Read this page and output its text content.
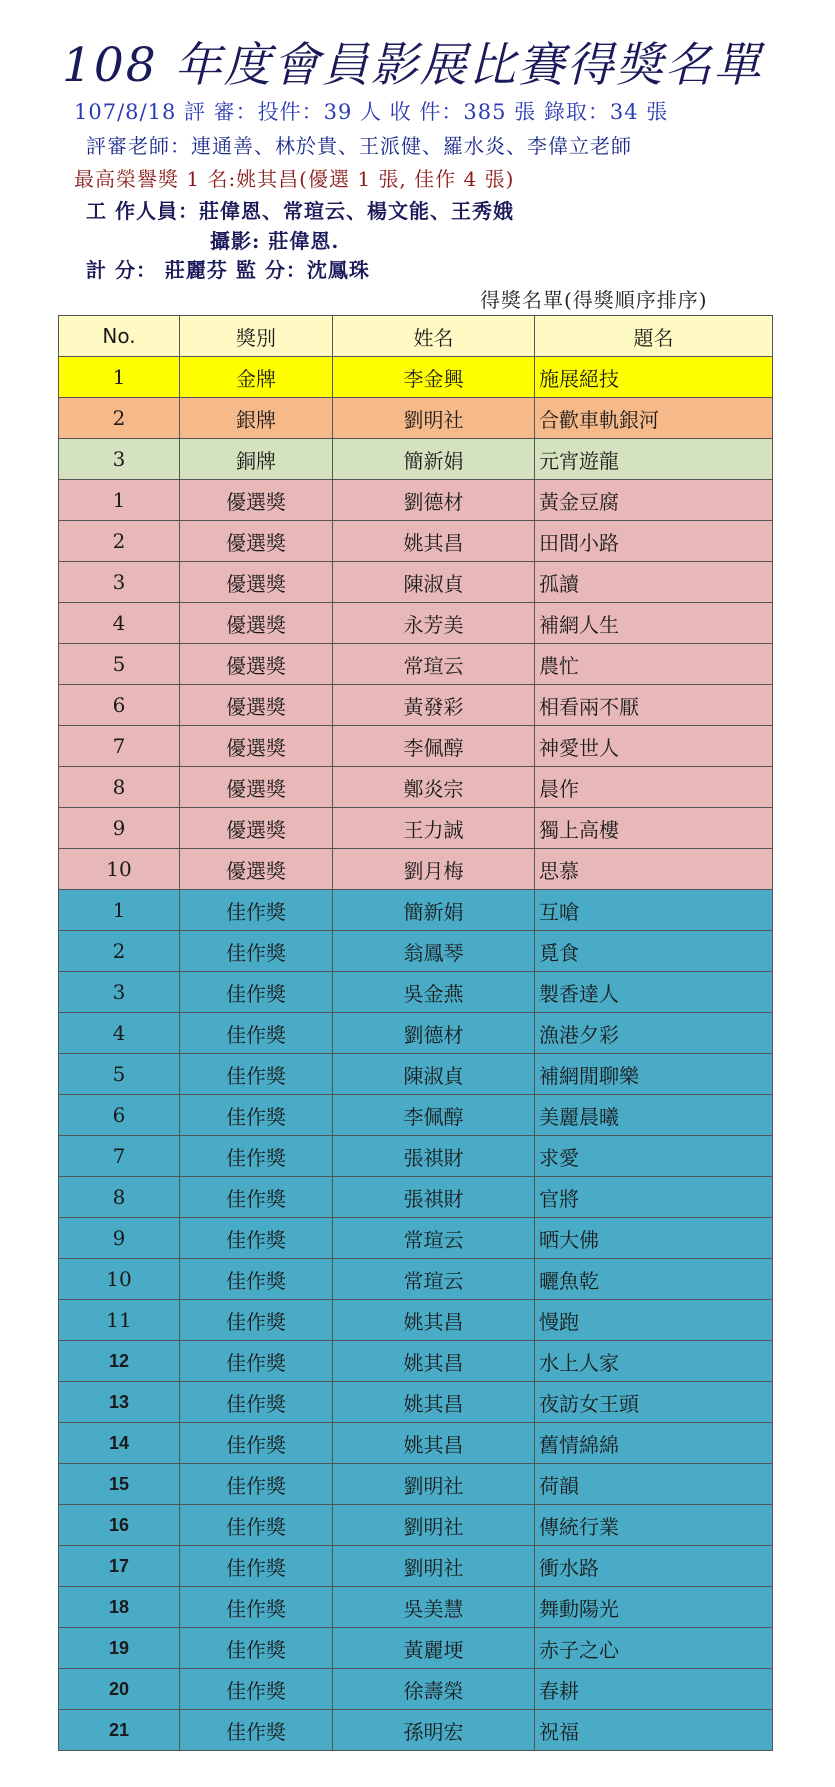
108 年度會員影展比賽得獎名單
107/8/18 評 審：投件：39 人 收 件：385 張 錄取：34 張
評審老師：連通善、林於貴、王派健、羅水炎、李偉立老師
最高榮譽獎 1 名:姚其昌(優選 1 張, 佳作 4 張)
工 作人員：莊偉恩、常瑄云、楊文能、王秀娥
攝影: 莊偉恩.
計 分： 莊麗芬 監 分：沈鳳珠
得獎名單(得獎順序排序)
No.	獎別	姓名	題名
1	金牌	李金興	施展絕技
2	銀牌	劉明社	合歡車軌銀河
3	銅牌	簡新娟	元宵遊龍
1	優選獎	劉德材	黃金豆腐
2	優選獎	姚其昌	田間小路
3	優選獎	陳淑貞	孤讀
4	優選獎	永芳美	補網人生
5	優選獎	常瑄云	農忙
6	優選獎	黃發彩	相看兩不厭
7	優選獎	李佩醇	神愛世人
8	優選獎	鄭炎宗	晨作
9	優選獎	王力誠	獨上高樓
10	優選獎	劉月梅	思慕
1	佳作獎	簡新娟	互嗆
2	佳作獎	翁鳳琴	覓食
3	佳作獎	吳金燕	製香達人
4	佳作獎	劉德材	漁港夕彩
5	佳作獎	陳淑貞	補網閒聊樂
6	佳作獎	李佩醇	美麗晨曦
7	佳作獎	張祺財	求愛
8	佳作獎	張祺財	官將
9	佳作獎	常瑄云	晒大佛
10	佳作獎	常瑄云	曬魚乾
11	佳作獎	姚其昌	慢跑
12	佳作獎	姚其昌	水上人家
13	佳作獎	姚其昌	夜訪女王頭
14	佳作獎	姚其昌	舊情綿綿
15	佳作獎	劉明社	荷韻
16	佳作獎	劉明社	傳統行業
17	佳作獎	劉明社	衝水路
18	佳作獎	吳美慧	舞動陽光
19	佳作獎	黃麗埂	赤子之心
20	佳作獎	徐壽榮	春耕
21	佳作獎	孫明宏	祝福
